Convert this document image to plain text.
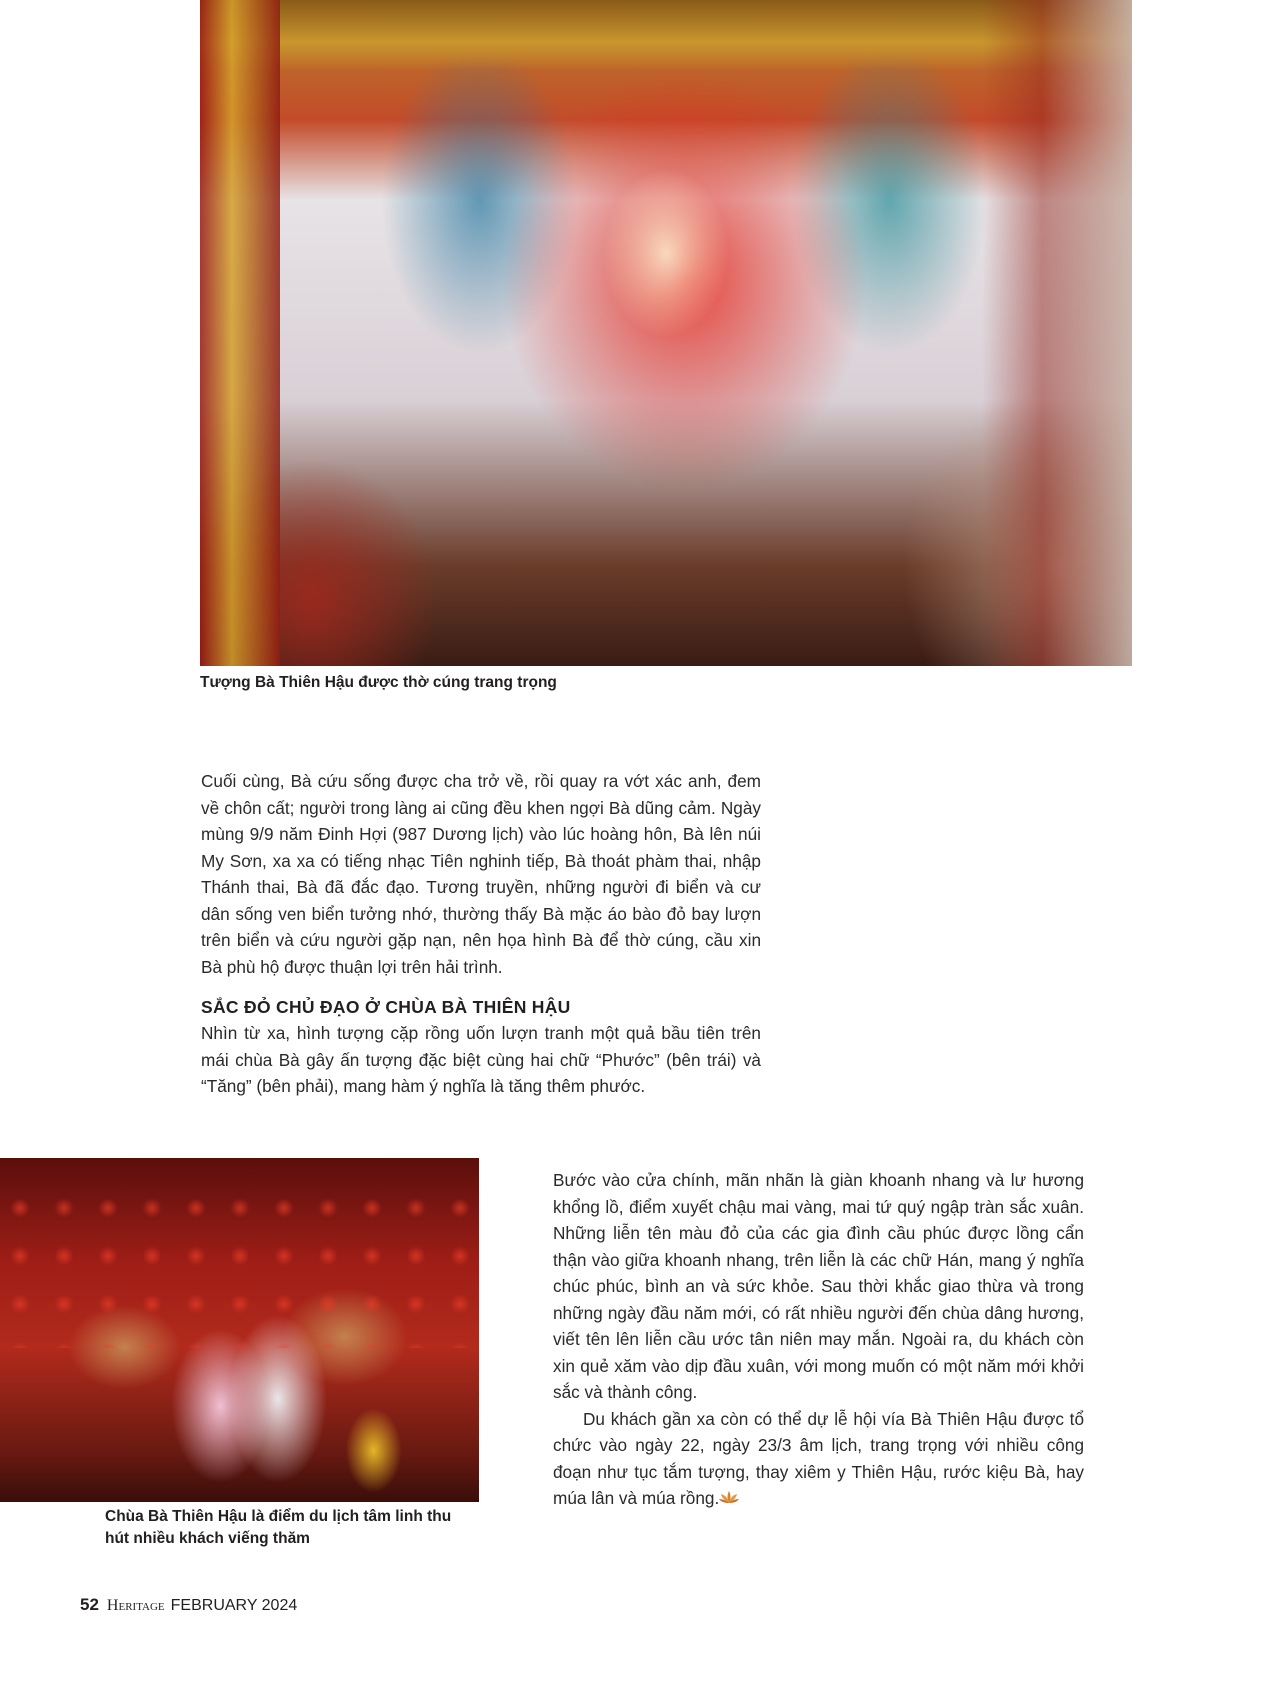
Tượng Bà Thiên Hậu được thờ cúng trang trọng

Cuối cùng, Bà cứu sống được cha trở về, rồi quay ra vớt xác anh, đem về chôn cất; người trong làng ai cũng đều khen ngợi Bà dũng cảm. Ngày mùng 9/9 năm Đinh Hợi (987 Dương lịch) vào lúc hoàng hôn, Bà lên núi My Sơn, xa xa có tiếng nhạc Tiên nghinh tiếp, Bà thoát phàm thai, nhập Thánh thai, Bà đã đắc đạo. Tương truyền, những người đi biển và cư dân sống ven biển tưởng nhớ, thường thấy Bà mặc áo bào đỏ bay lượn trên biển và cứu người gặp nạn, nên họa hình Bà để thờ cúng, cầu xin Bà phù hộ được thuận lợi trên hải trình.

SẮC ĐỎ CHỦ ĐẠO Ở CHÙA BÀ THIÊN HẬU

Nhìn từ xa, hình tượng cặp rồng uốn lượn tranh một quả bầu tiên trên mái chùa Bà gây ấn tượng đặc biệt cùng hai chữ “Phước” (bên trái) và “Tăng” (bên phải), mang hàm ý nghĩa là tăng thêm phước.

Chùa Bà Thiên Hậu là điểm du lịch tâm linh thu hút nhiều khách viếng thăm

Bước vào cửa chính, mãn nhãn là giàn khoanh nhang và lư hương khổng lồ, điểm xuyết chậu mai vàng, mai tứ quý ngập tràn sắc xuân. Những liễn tên màu đỏ của các gia đình cầu phúc được lồng cẩn thận vào giữa khoanh nhang, trên liễn là các chữ Hán, mang ý nghĩa chúc phúc, bình an và sức khỏe. Sau thời khắc giao thừa và trong những ngày đầu năm mới, có rất nhiều người đến chùa dâng hương, viết tên lên liễn cầu ước tân niên may mắn. Ngoài ra, du khách còn xin quẻ xăm vào dịp đầu xuân, với mong muốn có một năm mới khởi sắc và thành công.

Du khách gần xa còn có thể dự lễ hội vía Bà Thiên Hậu được tổ chức vào ngày 22, ngày 23/3 âm lịch, trang trọng với nhiều công đoạn như tục tắm tượng, thay xiêm y Thiên Hậu, rước kiệu Bà, hay múa lân và múa rồng.

52 Heritage FEBRUARY 2024
